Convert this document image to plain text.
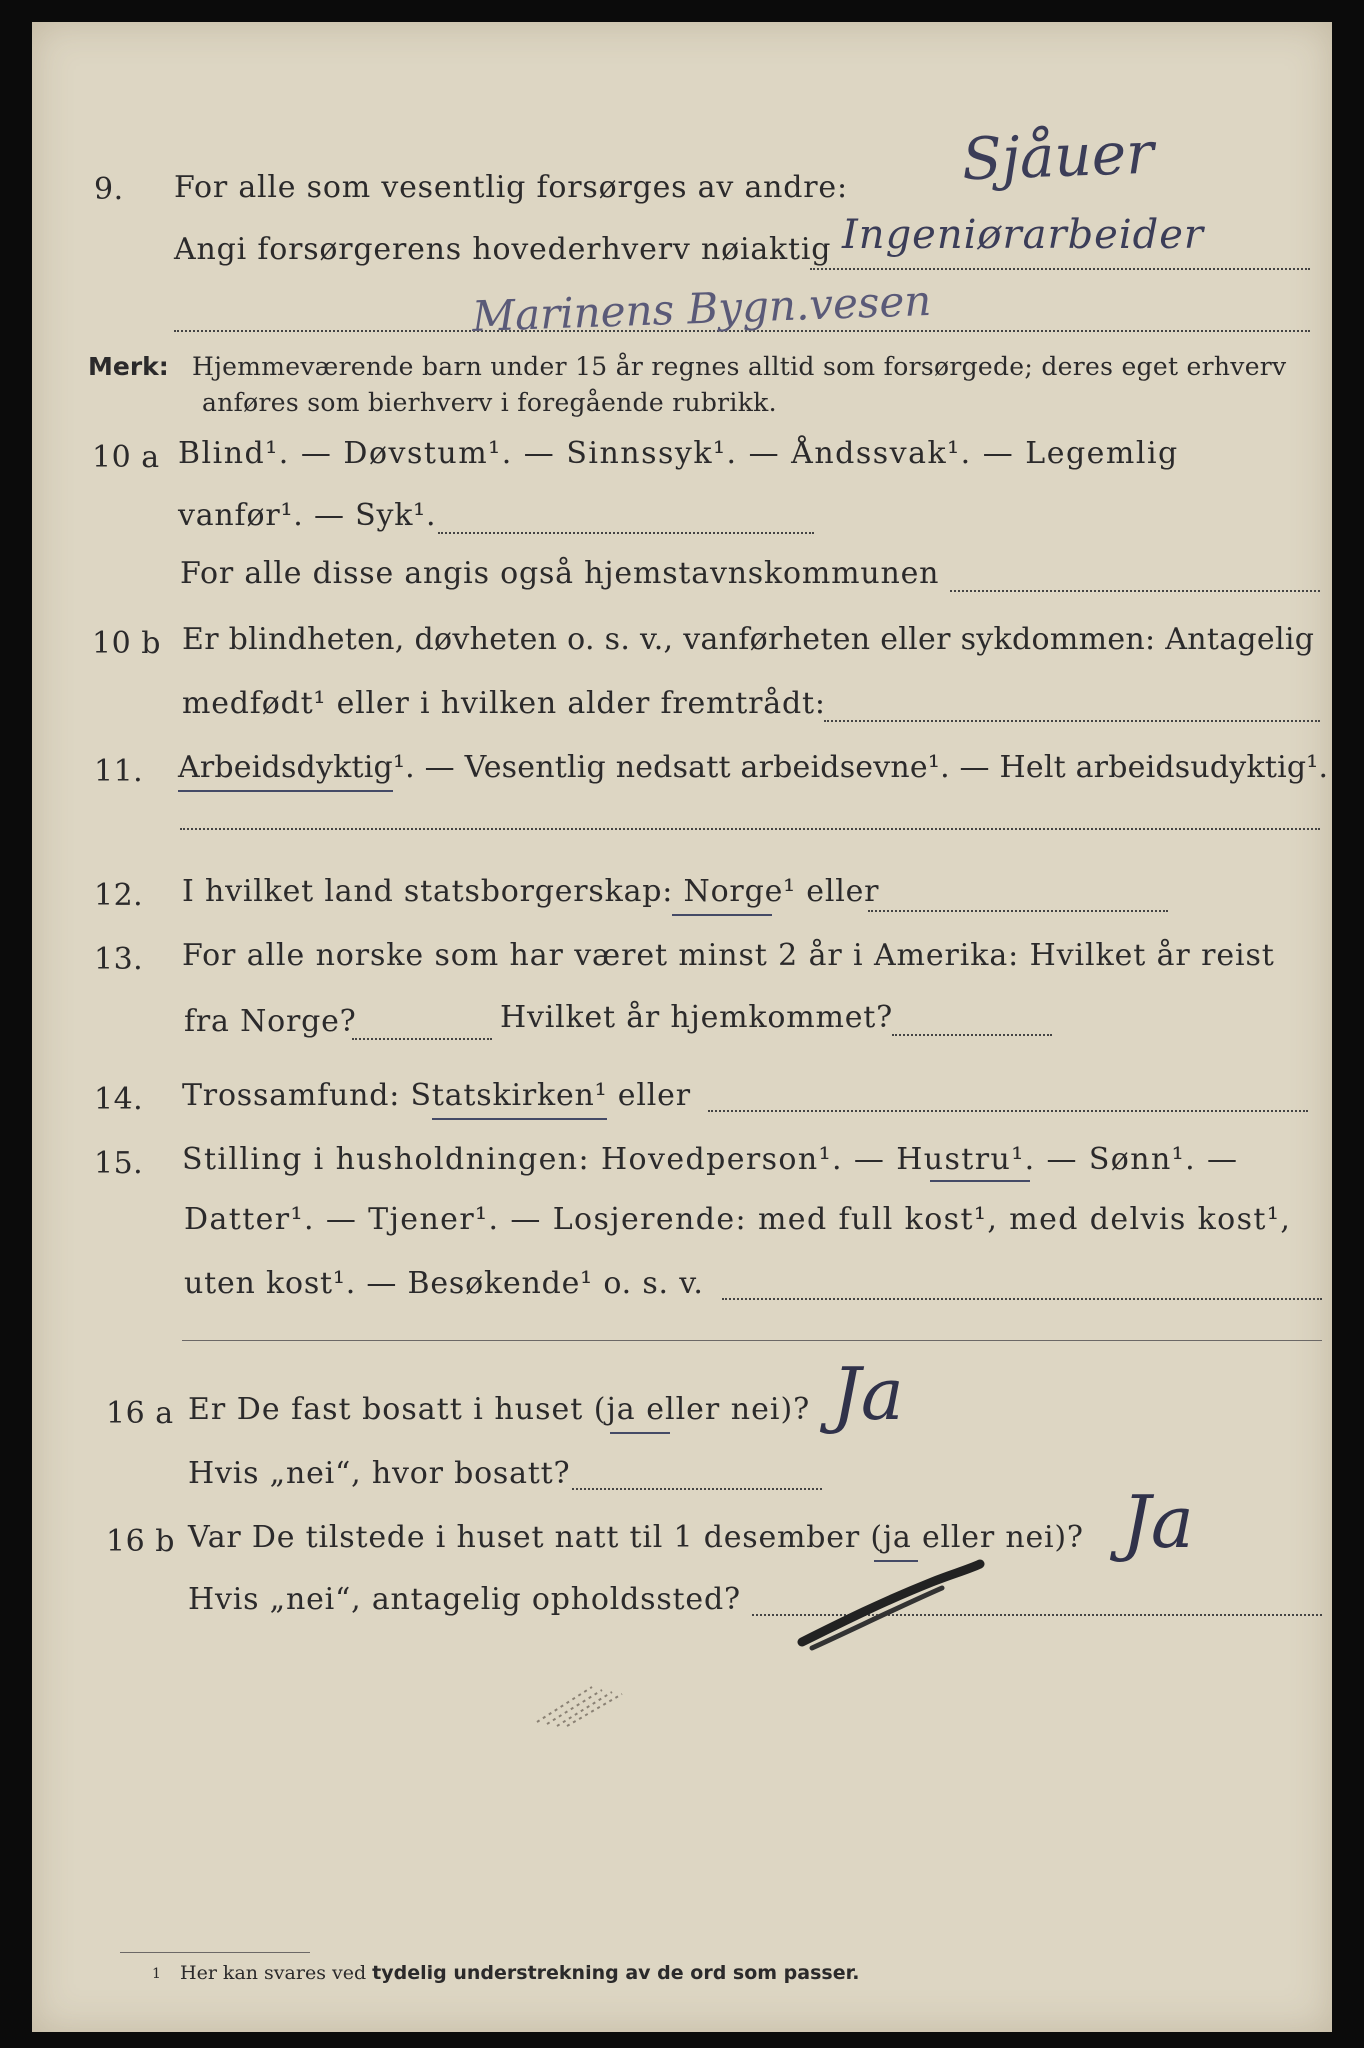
Sjåuer
9. For alle som vesentlig forsørges av andre:
Angi forsørgerens hovederhverv nøiaktig Ingeniørarbeider
Marinens Bygn.vesen
Merk: Hjemmeværende barn under 15 år regnes alltid som forsørgede; deres eget erhverv
anføres som bierhverv i foregående rubrikk.
10 a Blind¹. — Døvstum¹. — Sinnssyk¹. — Åndssvak¹. — Legemlig
vanfør¹. — Syk¹.
For alle disse angis også hjemstavnskommunen
10 b Er blindheten, døvheten o. s. v., vanførheten eller sykdommen: Antagelig
medfødt¹ eller i hvilken alder fremtrådt:
11. Arbeidsdyktig¹. — Vesentlig nedsatt arbeidsevne¹. — Helt arbeidsudyktig¹.
12. I hvilket land statsborgerskap: Norge¹ eller
13. For alle norske som har været minst 2 år i Amerika: Hvilket år reist
fra Norge?	Hvilket år hjemkommet?
14. Trossamfund: Statskirken¹ eller
15. Stilling i husholdningen: Hovedperson¹. — Hustru¹. — Sønn¹. —
Datter¹. — Tjener¹. — Losjerende: med full kost¹, med delvis kost¹,
uten kost¹. — Besøkende¹ o. s. v.
16 a Er De fast bosatt i huset (ja eller nei)? Ja
Hvis „nei“, hvor bosatt?
16 b Var De tilstede i huset natt til 1 desember (ja eller nei)? Ja
Hvis „nei“, antagelig opholdssted?
1 Her kan svares ved tydelig understrekning av de ord som passer.
